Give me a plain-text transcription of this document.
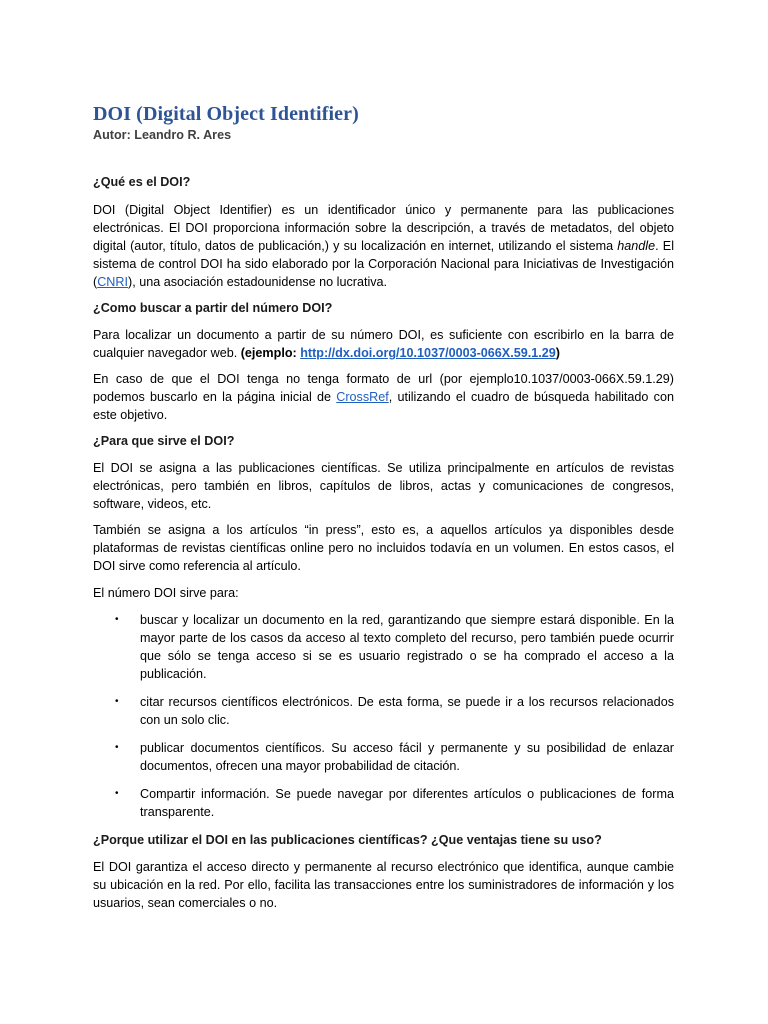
DOI (Digital Object Identifier)

Autor: Leandro R. Ares

¿Qué es el DOI?

DOI (Digital Object Identifier) es un identificador único y permanente para las publicaciones electrónicas. El DOI proporciona información sobre la descripción, a través de metadatos, del objeto digital (autor, título, datos de publicación,) y su localización en internet, utilizando el sistema handle. El sistema de control DOI ha sido elaborado por la Corporación Nacional para Iniciativas de Investigación (CNRI), una asociación estadounidense no lucrativa.

¿Como buscar a partir del número DOI?

Para localizar un documento a partir de su número DOI, es suficiente con escribirlo en la barra de cualquier navegador web. (ejemplo: http://dx.doi.org/10.1037/0003-066X.59.1.29)

En caso de que el DOI tenga no tenga formato de url (por ejemplo10.1037/0003-066X.59.1.29) podemos buscarlo en la página inicial de CrossRef, utilizando el cuadro de búsqueda habilitado con este objetivo.

¿Para que sirve el DOI?

El DOI se asigna a las publicaciones científicas. Se utiliza principalmente en artículos de revistas electrónicas, pero también en libros, capítulos de libros, actas y comunicaciones de congresos, software, videos, etc.

También se asigna a los artículos “in press”, esto es, a aquellos artículos ya disponibles desde plataformas de revistas científicas online pero no incluidos todavía en un volumen. En estos casos, el DOI sirve como referencia al artículo.

El número DOI sirve para:

• buscar y localizar un documento en la red, garantizando que siempre estará disponible. En la mayor parte de los casos da acceso al texto completo del recurso, pero también puede ocurrir que sólo se tenga acceso si se es usuario registrado o se ha comprado el acceso a la publicación.
• citar recursos científicos electrónicos. De esta forma, se puede ir a los recursos relacionados con un solo clic.
• publicar documentos científicos. Su acceso fácil y permanente y su posibilidad de enlazar documentos, ofrecen una mayor probabilidad de citación.
• Compartir información. Se puede navegar por diferentes artículos o publicaciones de forma transparente.

¿Porque utilizar el DOI en las publicaciones científicas? ¿Que ventajas tiene su uso?

El DOI garantiza el acceso directo y permanente al recurso electrónico que identifica, aunque cambie su ubicación en la red. Por ello, facilita las transacciones entre los suministradores de información y los usuarios, sean comerciales o no.
